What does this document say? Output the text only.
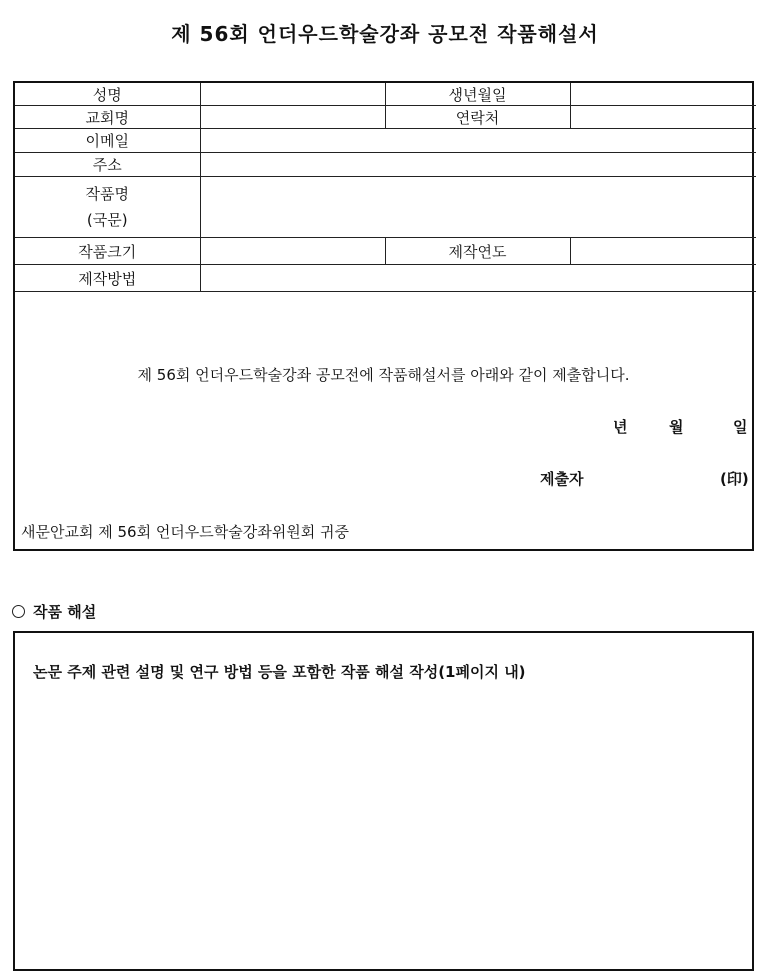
제 56회 언더우드학술강좌 공모전 작품해설서
성명		생년월일	
교회명		연락처	
이메일			
주소			

작품명
(국문)			

작품크기		제작연도	
제작방법			
제 56회 언더우드학술강좌 공모전에 작품해설서를 아래와 같이 제출합니다.
년	월	일
제출자	(印)
새문안교회 제 56회 언더우드학술강좌위원회 귀중
작품 해설
논문 주제 관련 설명 및 연구 방법 등을 포함한 작품 해설 작성(1페이지 내)
